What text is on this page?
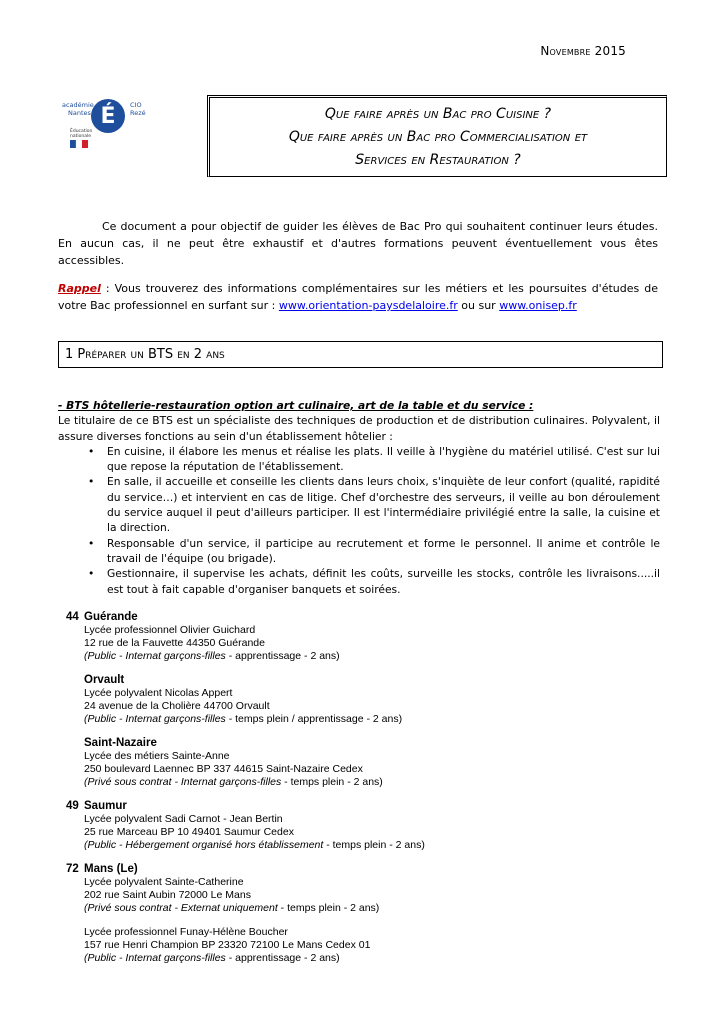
Novembre 2015
académie
Nantes É CIO
Rezé
Éducation
nationale
Que faire après un Bac pro Cuisine ?
Que faire après un Bac pro Commercialisation et
Services en Restauration ?

Ce document a pour objectif de guider les élèves de Bac Pro qui souhaitent continuer leurs études. En aucun cas, il ne peut être exhaustif et d'autres formations peuvent éventuellement vous êtes accessibles.

Rappel : Vous trouverez des informations complémentaires sur les métiers et les poursuites d'études de votre Bac professionnel en surfant sur : www.orientation-paysdelaloire.fr ou sur www.onisep.fr

1 Préparer un BTS en 2 ans

- BTS hôtellerie-restauration option art culinaire, art de la table et du service :

Le titulaire de ce BTS est un spécialiste des techniques de production et de distribution culinaires. Polyvalent, il assure diverses fonctions au sein d'un établissement hôtelier :

• En cuisine, il élabore les menus et réalise les plats. Il veille à l'hygiène du matériel utilisé. C'est sur lui que repose la réputation de l'établissement.
• En salle, il accueille et conseille les clients dans leurs choix, s'inquiète de leur confort (qualité, rapidité du service…) et intervient en cas de litige. Chef d'orchestre des serveurs, il veille au bon déroulement du service auquel il peut d'ailleurs participer. Il est l'intermédiaire privilégié entre la salle, la cuisine et la direction.
• Responsable d'un service, il participe au recrutement et forme le personnel. Il anime et contrôle le travail de l'équipe (ou brigade).
• Gestionnaire, il supervise les achats, définit les coûts, surveille les stocks, contrôle les livraisons.....il est tout à fait capable d'organiser banquets et soirées.
44 Guérande
Lycée professionnel Olivier Guichard
12 rue de la Fauvette 44350 Guérande
(Public - Internat garçons-filles - apprentissage - 2 ans)
Orvault
Lycée polyvalent Nicolas Appert
24 avenue de la Cholière 44700 Orvault
(Public - Internat garçons-filles - temps plein / apprentissage - 2 ans)
Saint-Nazaire
Lycée des métiers Sainte-Anne
250 boulevard Laennec BP 337 44615 Saint-Nazaire Cedex
(Privé sous contrat - Internat garçons-filles - temps plein - 2 ans)
49 Saumur
Lycée polyvalent Sadi Carnot - Jean Bertin
25 rue Marceau BP 10 49401 Saumur Cedex
(Public - Hébergement organisé hors établissement - temps plein - 2 ans)
72 Mans (Le)
Lycée polyvalent Sainte-Catherine
202 rue Saint Aubin 72000 Le Mans
(Privé sous contrat - Externat uniquement - temps plein - 2 ans)
Lycée professionnel Funay-Hélène Boucher
157 rue Henri Champion BP 23320 72100 Le Mans Cedex 01
(Public - Internat garçons-filles - apprentissage - 2 ans)
